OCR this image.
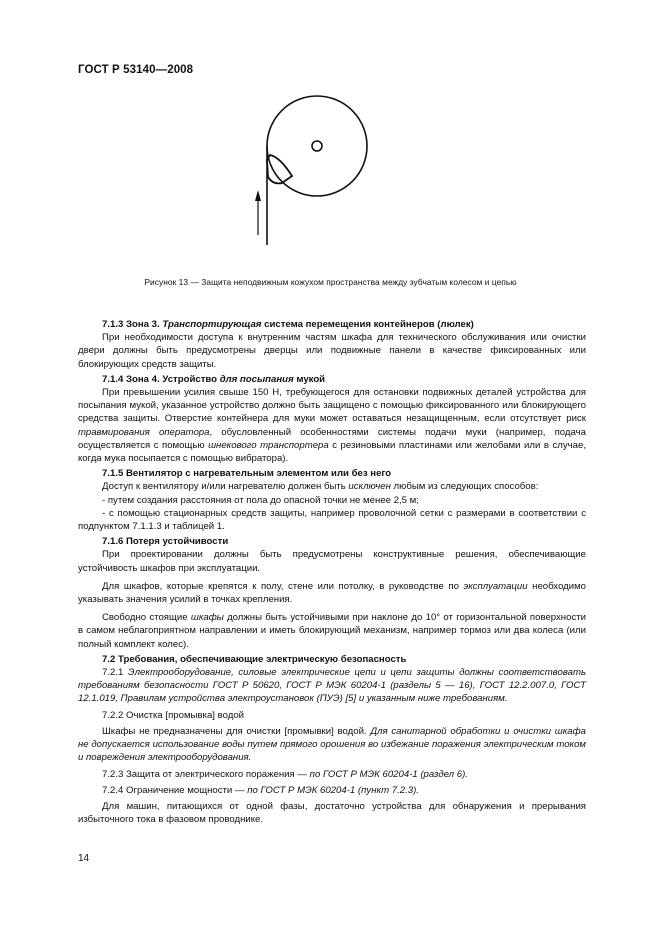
ГОСТ Р 53140—2008
Рисунок 13 — Защита неподвижным кожухом пространства между зубчатым колесом и цепью

7.1.3 Зона 3. Транспортирующая система перемещения контейнеров (люлек)

При необходимости доступа к внутренним частям шкафа для технического обслуживания или очистки двери должны быть предусмотрены дверцы или подвижные панели в качестве фиксированных или блокирующих средств защиты.

7.1.4 Зона 4. Устройство для посыпания мукой

При превышении усилия свыше 150 Н, требующегося для остановки подвижных деталей устройства для посыпания мукой, указанное устройство должно быть защищено с помощью фиксированного или блокирующего средства защиты. Отверстие контейнера для муки может оставаться незащищенным, если отсутствует риск травмирования оператора, обусловленный особенностями системы подачи муки (например, подача осуществляется с помощью шнекового транспортера с резиновыми пластинами или желобами или в случае, когда мука посыпается с помощью вибратора).

7.1.5 Вентилятор с нагревательным элементом или без него

Доступ к вентилятору и/или нагревателю должен быть исключен любым из следующих способов:

- путем создания расстояния от пола до опасной точки не менее 2,5 м;

- с помощью стационарных средств защиты, например проволочной сетки с размерами в соответствии с подпунктом 7.1.1.3 и таблицей 1.

7.1.6 Потеря устойчивости

При проектировании должны быть предусмотрены конструктивные решения, обеспечивающие устойчивость шкафов при эксплуатации.

Для шкафов, которые крепятся к полу, стене или потолку, в руководстве по эксплуатации необходимо указывать значения усилий в точках крепления.

Свободно стоящие шкафы должны быть устойчивыми при наклоне до 10° от горизонтальной поверхности в самом неблагоприятном направлении и иметь блокирующий механизм, например тормоз или два колеса (или полный комплект колес).

7.2 Требования, обеспечивающие электрическую безопасность

7.2.1 Электрооборудование, силовые электрические цепи и цепи защиты должны соответствовать требованиям безопасности ГОСТ Р 50620, ГОСТ Р МЭК 60204-1 (разделы 5 — 16), ГОСТ 12.2.007.0, ГОСТ 12.1.019, Правилам устройства электроустановок (ПУЭ) [5] и указанным ниже требованиям.

7.2.2 Очистка [промывка] водой

Шкафы не предназначены для очистки [промывки] водой. Для санитарной обработки и очистки шкафа не допускается использование воды путем прямого орошения во избежание поражения электрическим током и повреждения электрооборудования.

7.2.3 Защита от электрического поражения — по ГОСТ Р МЭК 60204-1 (раздел 6).

7.2.4 Ограничение мощности — по ГОСТ Р МЭК 60204-1 (пункт 7.2.3).

Для машин, питающихся от одной фазы, достаточно устройства для обнаружения и прерывания избыточного тока в фазовом проводнике.

14
